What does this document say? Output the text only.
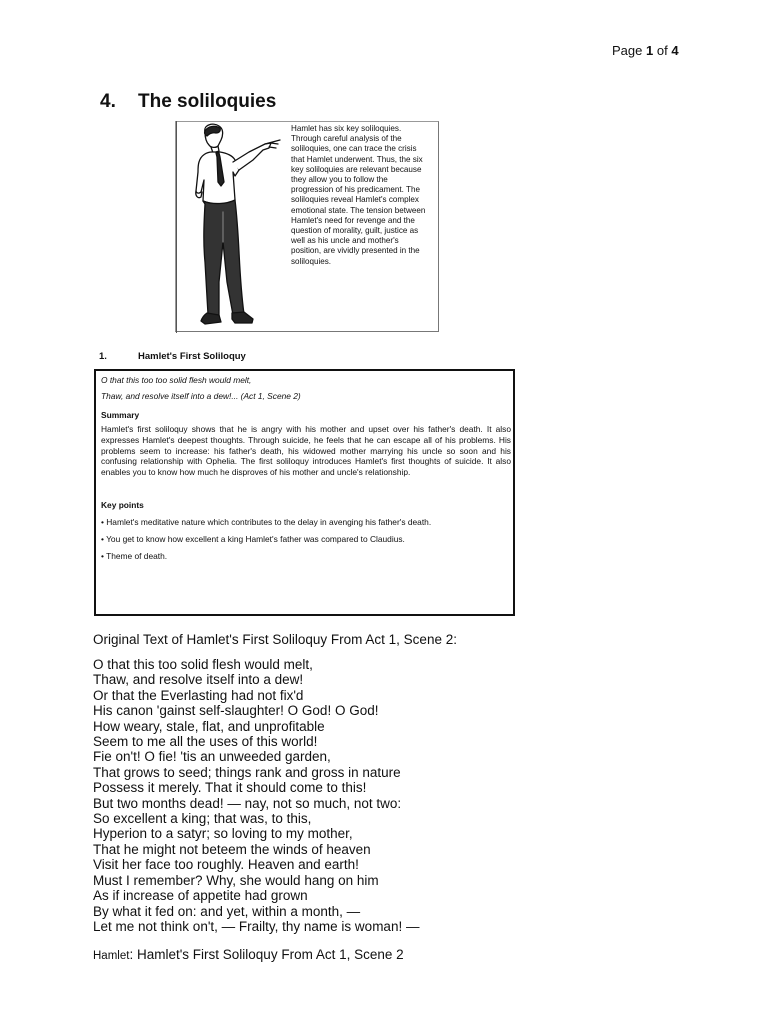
Page 1 of 4
4. The soliloquies

Hamlet has six key soliloquies. Through careful analysis of the soliloquies, one can trace the crisis that Hamlet underwent. Thus, the six key soliloquies are relevant because they allow you to follow the progression of his predicament. The soliloquies reveal Hamlet's complex emotional state. The tension between Hamlet's need for revenge and the question of morality, guilt, justice as well as his uncle and mother's position, are vividly presented in the soliloquies.

1.	Hamlet's First Soliloquy

O that this too too solid flesh would melt,

Thaw, and resolve itself into a dew!... (Act 1, Scene 2)

Summary

Hamlet's first soliloquy shows that he is angry with his mother and upset over his father's death. It also expresses Hamlet's deepest thoughts. Through suicide, he feels that he can escape all of his problems. His problems seem to increase: his father's death, his widowed mother marrying his uncle so soon and his confusing relationship with Ophelia. The first soliloquy introduces Hamlet's first thoughts of suicide. It also enables you to know how much he disproves of his mother and uncle's relationship.

Key points

• Hamlet's meditative nature which contributes to the delay in avenging his father's death.

• You get to know how excellent a king Hamlet's father was compared to Claudius.

• Theme of death.

Original Text of Hamlet's First Soliloquy From Act 1, Scene 2:

O that this too solid flesh would melt,
Thaw, and resolve itself into a dew!
Or that the Everlasting had not fix'd
His canon 'gainst self-slaughter! O God! O God!
How weary, stale, flat, and unprofitable
Seem to me all the uses of this world!
Fie on't! O fie! 'tis an unweeded garden,
That grows to seed; things rank and gross in nature
Possess it merely. That it should come to this!
But two months dead! — nay, not so much, not two:
So excellent a king; that was, to this,
Hyperion to a satyr; so loving to my mother,
That he might not beteem the winds of heaven
Visit her face too roughly. Heaven and earth!
Must I remember? Why, she would hang on him
As if increase of appetite had grown
By what it fed on: and yet, within a month, —
Let me not think on't, — Frailty, thy name is woman! —

Hamlet: Hamlet's First Soliloquy From Act 1, Scene 2
